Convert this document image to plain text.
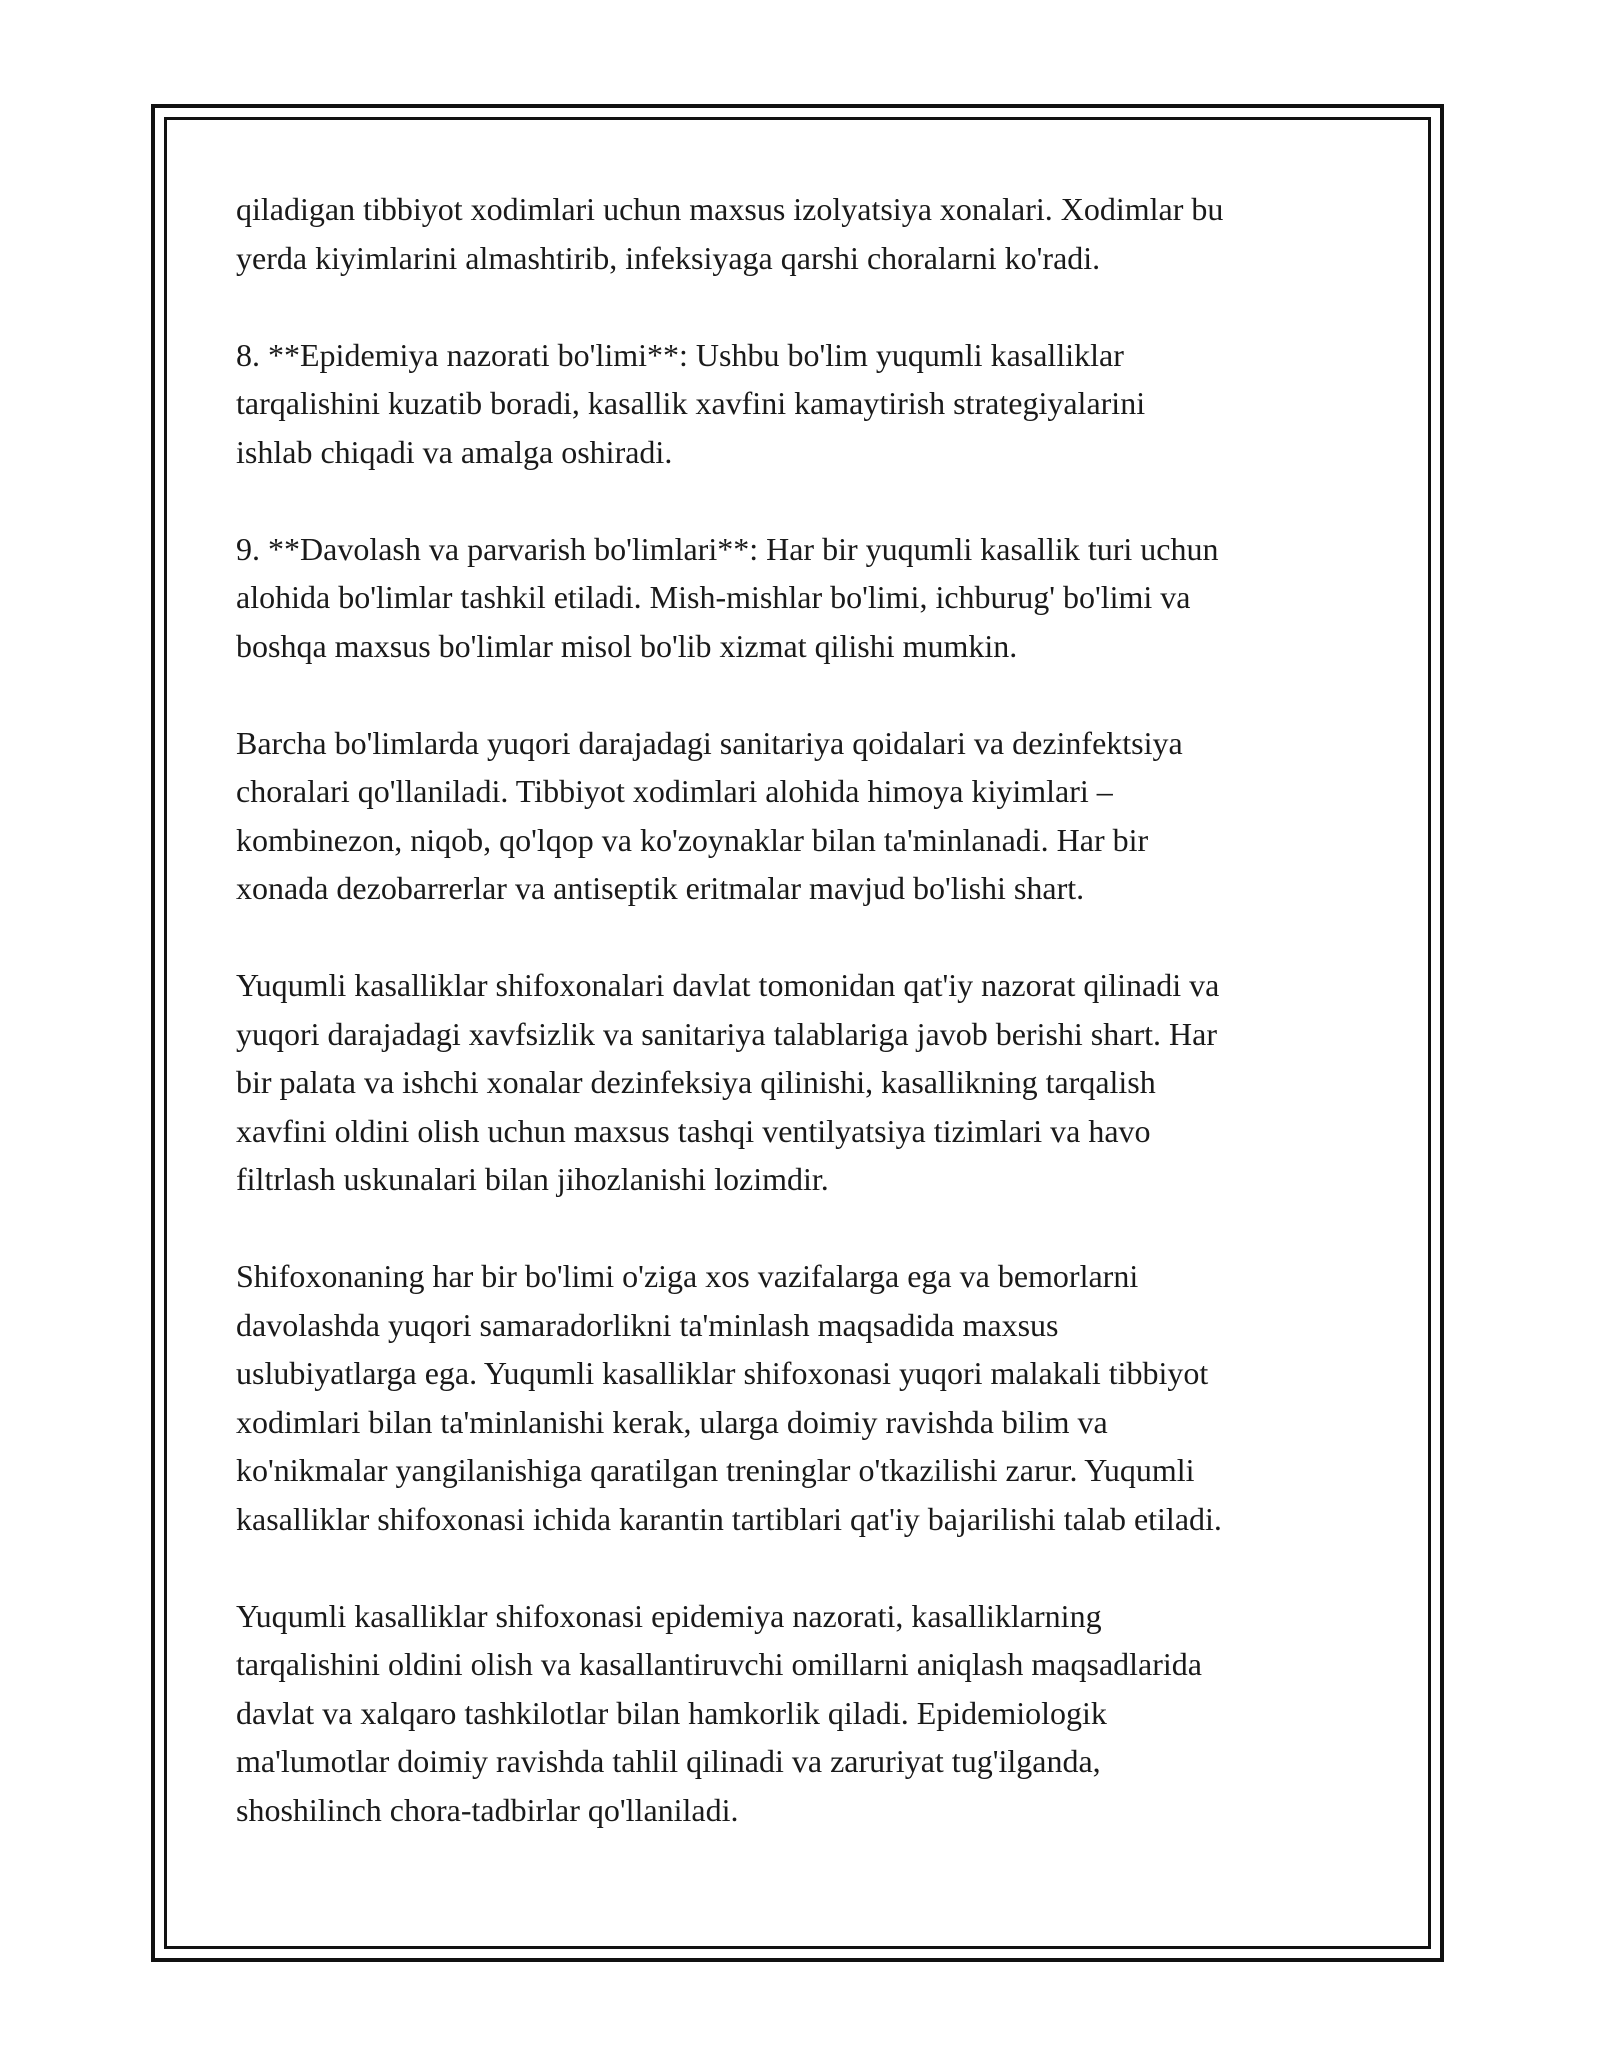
qiladigan tibbiyot xodimlari uchun maxsus izolyatsiya xonalari. Xodimlar bu
yerda kiyimlarini almashtirib, infeksiyaga qarshi choralarni ko'radi.

8. **Epidemiya nazorati bo'limi**: Ushbu bo'lim yuqumli kasalliklar
tarqalishini kuzatib boradi, kasallik xavfini kamaytirish strategiyalarini
ishlab chiqadi va amalga oshiradi.

9. **Davolash va parvarish bo'limlari**: Har bir yuqumli kasallik turi uchun
alohida bo'limlar tashkil etiladi. Mish-mishlar bo'limi, ichburug' bo'limi va
boshqa maxsus bo'limlar misol bo'lib xizmat qilishi mumkin.

Barcha bo'limlarda yuqori darajadagi sanitariya qoidalari va dezinfektsiya
choralari qo'llaniladi. Tibbiyot xodimlari alohida himoya kiyimlari –
kombinezon, niqob, qo'lqop va ko'zoynaklar bilan ta'minlanadi. Har bir
xonada dezobarrerlar va antiseptik eritmalar mavjud bo'lishi shart.

Yuqumli kasalliklar shifoxonalari davlat tomonidan qat'iy nazorat qilinadi va
yuqori darajadagi xavfsizlik va sanitariya talablariga javob berishi shart. Har
bir palata va ishchi xonalar dezinfeksiya qilinishi, kasallikning tarqalish
xavfini oldini olish uchun maxsus tashqi ventilyatsiya tizimlari va havo
filtrlash uskunalari bilan jihozlanishi lozimdir.

Shifoxonaning har bir bo'limi o'ziga xos vazifalarga ega va bemorlarni
davolashda yuqori samaradorlikni ta'minlash maqsadida maxsus
uslubiyatlarga ega. Yuqumli kasalliklar shifoxonasi yuqori malakali tibbiyot
xodimlari bilan ta'minlanishi kerak, ularga doimiy ravishda bilim va
ko'nikmalar yangilanishiga qaratilgan treninglar o'tkazilishi zarur. Yuqumli
kasalliklar shifoxonasi ichida karantin tartiblari qat'iy bajarilishi talab etiladi.

Yuqumli kasalliklar shifoxonasi epidemiya nazorati, kasalliklarning
tarqalishini oldini olish va kasallantiruvchi omillarni aniqlash maqsadlarida
davlat va xalqaro tashkilotlar bilan hamkorlik qiladi. Epidemiologik
ma'lumotlar doimiy ravishda tahlil qilinadi va zaruriyat tug'ilganda,
shoshilinch chora-tadbirlar qo'llaniladi.
